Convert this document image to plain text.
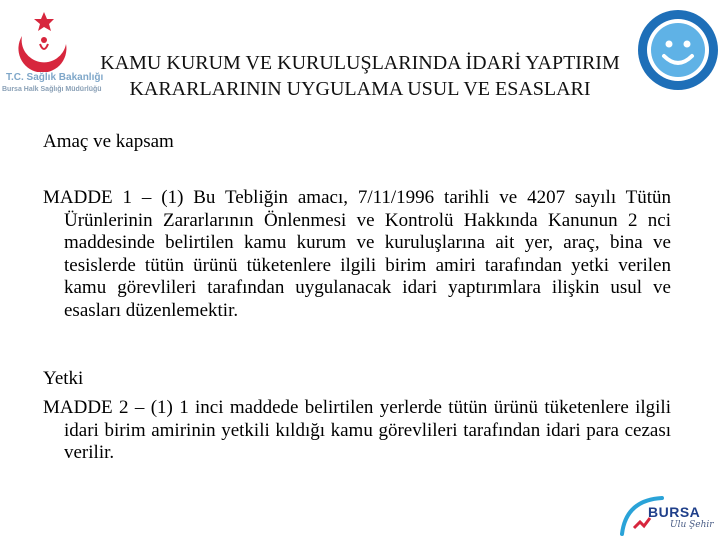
T.C. Sağlık Bakanlığı
Bursa Halk Sağlığı Müdürlüğü
KAMU KURUM VE KURULUŞLARINDA İDARİ YAPTIRIM
KARARLARININ UYGULAMA USUL VE ESASLARI
Amaç ve kapsam
MADDE 1 – (1) Bu Tebliğin amacı, 7/11/1996 tarihli ve 4207 sayılı Tütün Ürünlerinin Zararlarının Önlenmesi ve Kontrolü Hakkında Kanunun 2 nci maddesinde belirtilen kamu kurum ve kuruluşlarına ait yer, araç, bina ve tesislerde tütün ürünü tüketenlere ilgili birim amiri tarafından yetki verilen kamu görevlileri tarafından uygulanacak idari yaptırımlara ilişkin usul ve esasları düzenlemektir.
Yetki
MADDE 2 – (1) 1 inci maddede belirtilen yerlerde tütün ürünü tüketenlere ilgili idari birim amirinin yetkili kıldığı kamu görevlileri tarafından idari para cezası verilir.
BURSA
Ulu Şehir
